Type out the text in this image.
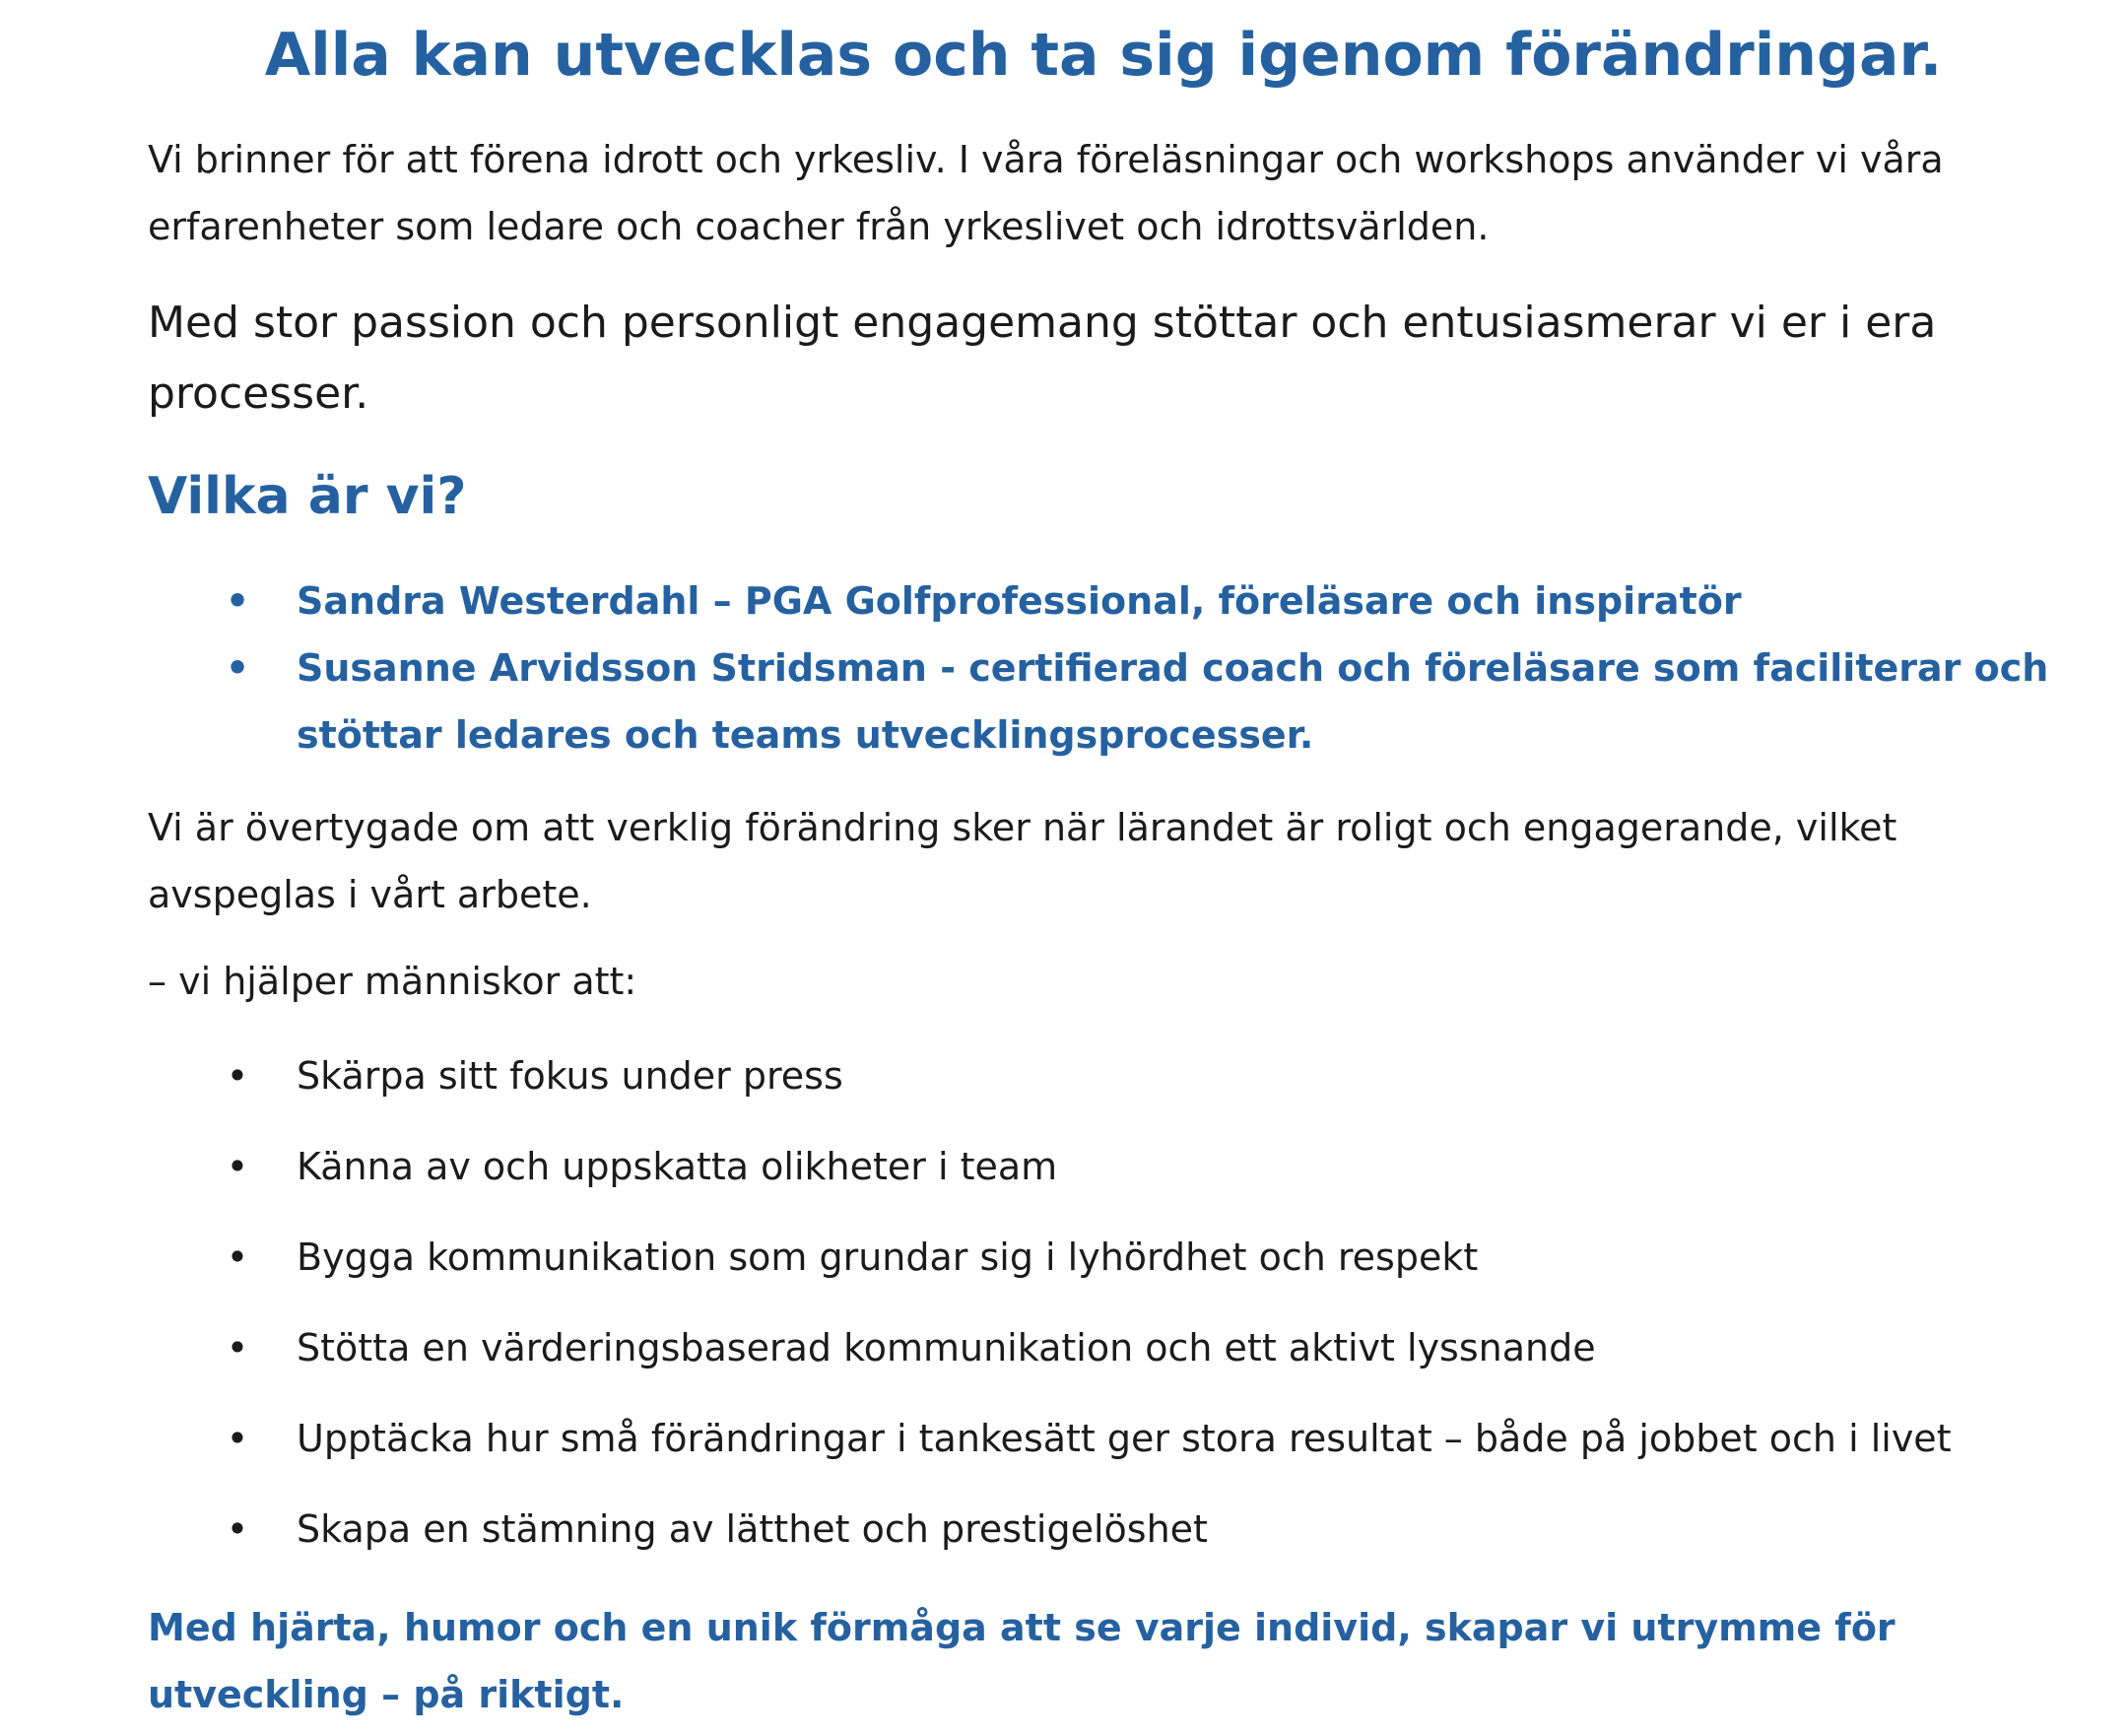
Alla kan utvecklas och ta sig igenom förändringar.

Vi brinner för att förena idrott och yrkesliv. I våra föreläsningar och workshops använder vi våra
erfarenheter som ledare och coacher från yrkeslivet och idrottsvärlden.

Med stor passion och personligt engagemang stöttar och entusiasmerar vi er i era
processer.

Vilka är vi?
• Sandra Westerdahl – PGA Golfprofessional, föreläsare och inspiratör
• Susanne Arvidsson Stridsman - certifierad coach och föreläsare som faciliterar och
stöttar ledares och teams utvecklingsprocesser.

Vi är övertygade om att verklig förändring sker när lärandet är roligt och engagerande, vilket
avspeglas i vårt arbete.

– vi hjälper människor att:

• Skärpa sitt fokus under press
• Känna av och uppskatta olikheter i team
• Bygga kommunikation som grundar sig i lyhördhet och respekt
• Stötta en värderingsbaserad kommunikation och ett aktivt lyssnande
• Upptäcka hur små förändringar i tankesätt ger stora resultat – både på jobbet och i livet
• Skapa en stämning av lätthet och prestigelöshet

Med hjärta, humor och en unik förmåga att se varje individ, skapar vi utrymme för
utveckling – på riktigt.
